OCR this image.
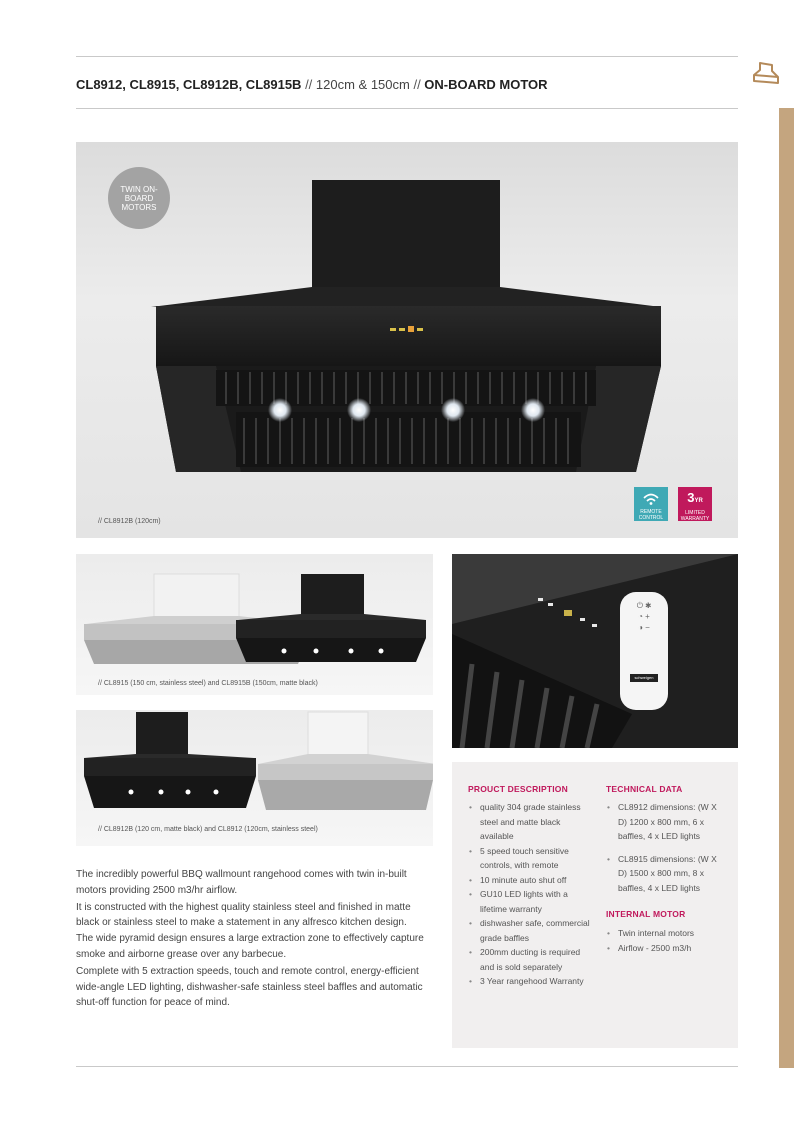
CL8912, CL8915, CL8912B, CL8915B // 120cm & 150cm // ON-BOARD MOTOR
TWIN ON-BOARD MOTORS
// CL8912B (120cm)
REMOTE CONTROL
3YR
LIMITED WARRANTY
// CL8915 (150 cm, stainless steel) and CL8915B (150cm, matte black)
// CL8912B (120 cm, matte black) and CL8912 (120cm, stainless steel)
⏻ ✱
◔ +
◑ −
schweigen
PROUCT DESCRIPTION
• quality 304 grade stainless steel and matte black available
• 5 speed touch sensitive controls, with remote
• 10 minute auto shut off
• GU10 LED lights with a lifetime warranty
• dishwasher safe, commercial grade baffles
• 200mm ducting is required and is sold separately
• 3 Year rangehood Warranty
TECHNICAL DATA
• CL8912 dimensions: (W X D) 1200 x 800 mm, 6 x baffles, 4 x LED lights
• CL8915 dimensions: (W X D) 1500 x 800 mm, 8 x baffles, 4 x LED lights
INTERNAL MOTOR
• Twin internal motors
• Airflow - 2500 m3/h

The incredibly powerful BBQ wallmount rangehood comes with twin in-built motors providing 2500 m3/hr airflow.

It is constructed with the highest quality stainless steel and finished in matte black or stainless steel to make a statement in any alfresco kitchen design. The wide pyramid design ensures a large extraction zone to effectively capture smoke and airborne grease over any barbecue.

Complete with 5 extraction speeds, touch and remote control, energy-efficient wide-angle LED lighting, dishwasher-safe stainless steel baffles and automatic shut-off function for peace of mind.
